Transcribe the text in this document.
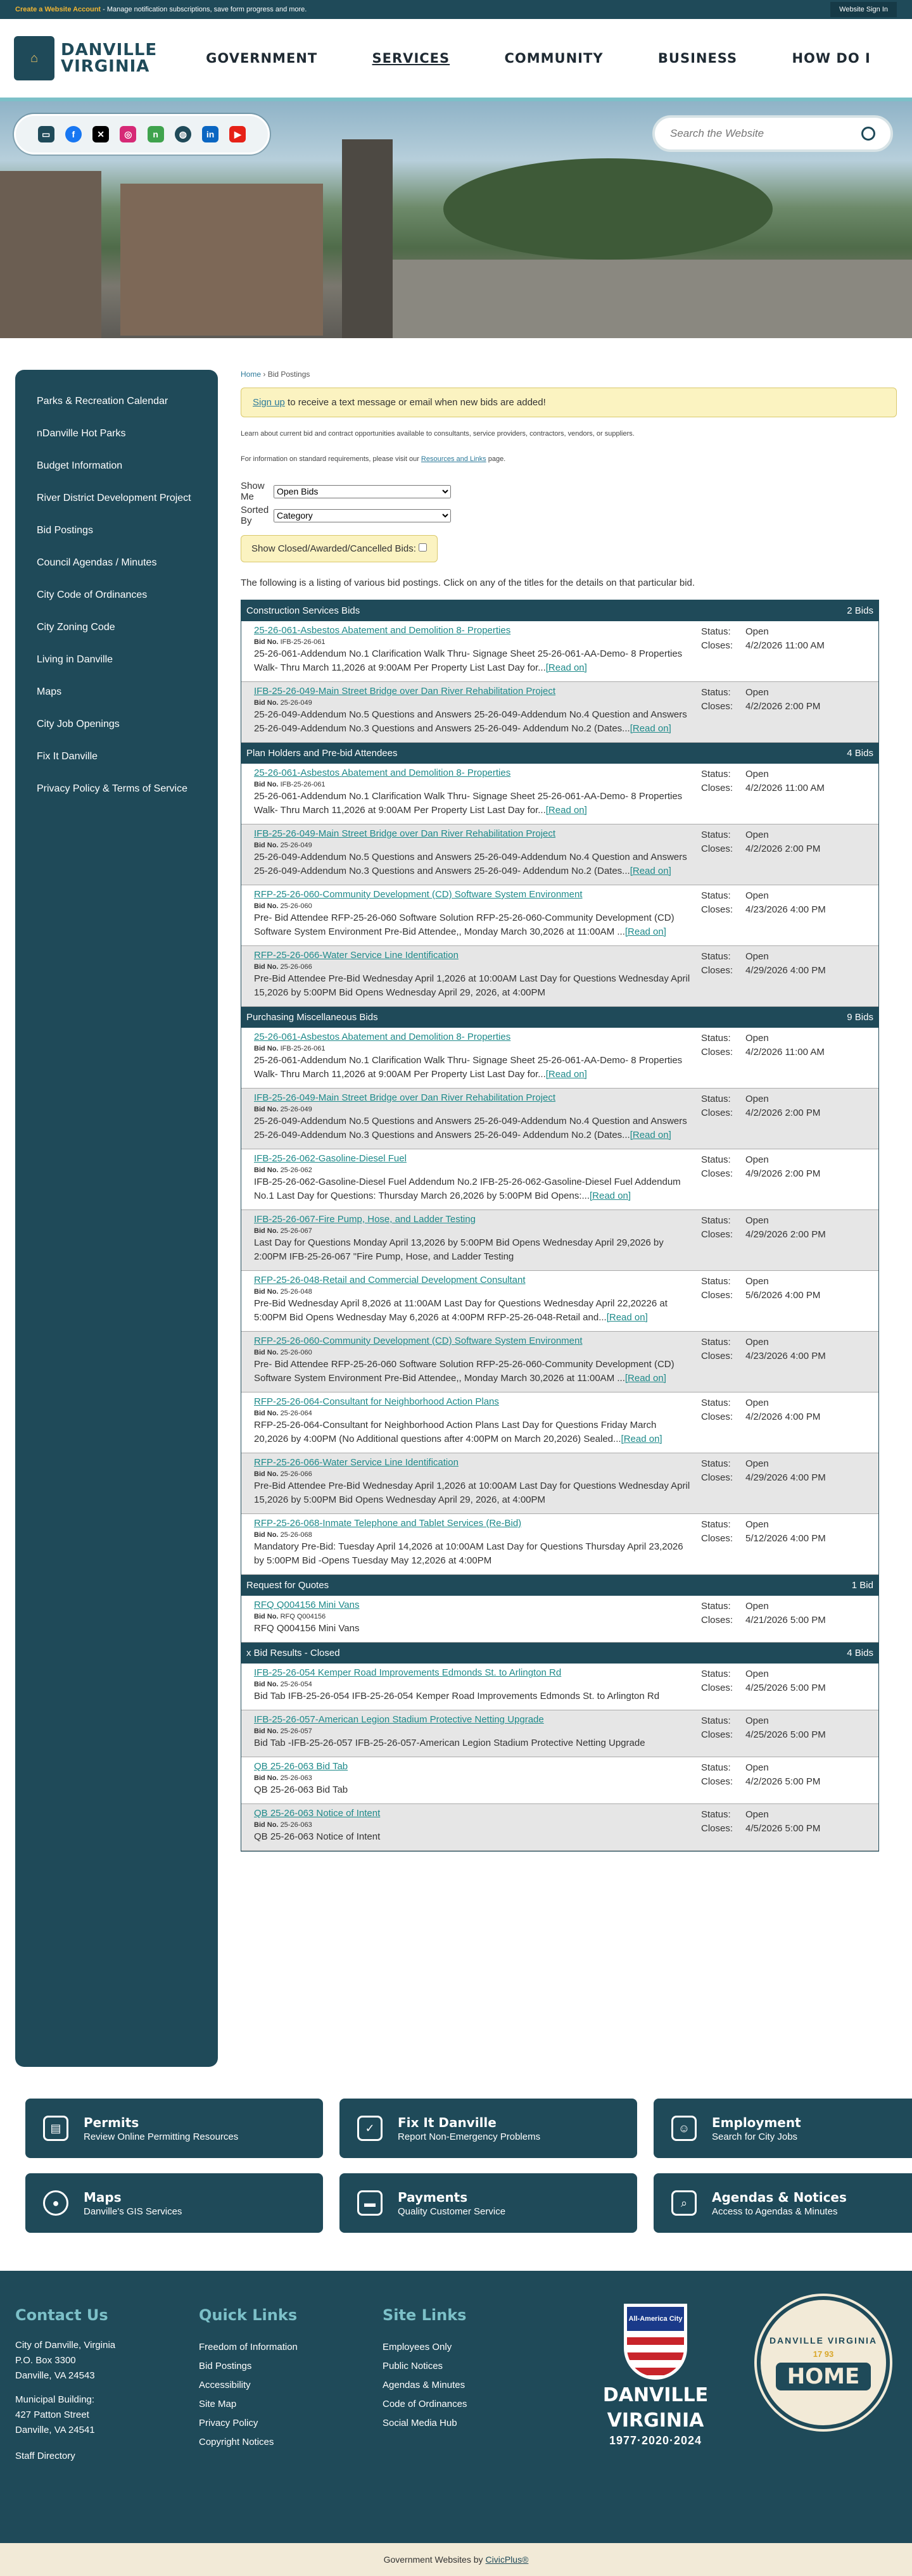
Create a Website Account - Manage notification subscriptions, save form progress and more.	Website Sign In
⌂	DANVILLE
VIRGINIA	GOVERNMENT	SERVICES	COMMUNITY	BUSINESS	HOW DO I
▭	f	✕	◎	n	◍	in	▶
Search the Website
Parks & Recreation Calendar
nDanville Hot Parks
Budget Information
River District Development Project
Bid Postings
Council Agendas / Minutes
City Code of Ordinances
City Zoning Code
Living in Danville
Maps
City Job Openings
Fix It Danville
Privacy Policy & Terms of Service
Home › Bid Postings
Sign up to receive a text message or email when new bids are added!

Learn about current bid and contract opportunities available to consultants, service providers, contractors, vendors, or suppliers.

For information on standard requirements, please visit our Resources and Links page.

Show Me
Open Bids
Sorted By
Category
Show Closed/Awarded/Cancelled Bids:

The following is a listing of various bid postings. Click on any of the titles for the details on that particular bid.

Construction Services Bids	2 Bids
25-26-061-Asbestos Abatement and Demolition 8- Properties
Bid No. IFB-25-26-061
25-26-061-Addendum No.1 Clarification Walk Thru- Signage Sheet 25-26-061-AA-Demo- 8 Properties Walk- Thru March 11,2026 at 9:00AM Per Property List Last Day for...[Read on]
Status:	Open
Closes:	4/2/2026 11:00 AM
IFB-25-26-049-Main Street Bridge over Dan River Rehabilitation Project
Bid No. 25-26-049
25-26-049-Addendum No.5 Questions and Answers 25-26-049-Addendum No.4 Question and Answers 25-26-049-Addendum No.3 Questions and Answers 25-26-049- Addendum No.2 (Dates...[Read on]
Status:	Open
Closes:	4/2/2026 2:00 PM
Plan Holders and Pre-bid Attendees	4 Bids
25-26-061-Asbestos Abatement and Demolition 8- Properties
Bid No. IFB-25-26-061
25-26-061-Addendum No.1 Clarification Walk Thru- Signage Sheet 25-26-061-AA-Demo- 8 Properties Walk- Thru March 11,2026 at 9:00AM Per Property List Last Day for...[Read on]
Status:	Open
Closes:	4/2/2026 11:00 AM
IFB-25-26-049-Main Street Bridge over Dan River Rehabilitation Project
Bid No. 25-26-049
25-26-049-Addendum No.5 Questions and Answers 25-26-049-Addendum No.4 Question and Answers 25-26-049-Addendum No.3 Questions and Answers 25-26-049- Addendum No.2 (Dates...[Read on]
Status:	Open
Closes:	4/2/2026 2:00 PM
RFP-25-26-060-Community Development (CD) Software System Environment
Bid No. 25-26-060
Pre- Bid Attendee RFP-25-26-060 Software Solution RFP-25-26-060-Community Development (CD) Software System Environment Pre-Bid Attendee,, Monday March 30,2026 at 11:00AM ...[Read on]
Status:	Open
Closes:	4/23/2026 4:00 PM
RFP-25-26-066-Water Service Line Identification
Bid No. 25-26-066
Pre-Bid Attendee Pre-Bid Wednesday April 1,2026 at 10:00AM Last Day for Questions Wednesday April 15,2026 by 5:00PM Bid Opens Wednesday April 29, 2026, at 4:00PM
Status:	Open
Closes:	4/29/2026 4:00 PM
Purchasing Miscellaneous Bids	9 Bids
25-26-061-Asbestos Abatement and Demolition 8- Properties
Bid No. IFB-25-26-061
25-26-061-Addendum No.1 Clarification Walk Thru- Signage Sheet 25-26-061-AA-Demo- 8 Properties Walk- Thru March 11,2026 at 9:00AM Per Property List Last Day for...[Read on]
Status:	Open
Closes:	4/2/2026 11:00 AM
IFB-25-26-049-Main Street Bridge over Dan River Rehabilitation Project
Bid No. 25-26-049
25-26-049-Addendum No.5 Questions and Answers 25-26-049-Addendum No.4 Question and Answers 25-26-049-Addendum No.3 Questions and Answers 25-26-049- Addendum No.2 (Dates...[Read on]
Status:	Open
Closes:	4/2/2026 2:00 PM
IFB-25-26-062-Gasoline-Diesel Fuel
Bid No. 25-26-062
IFB-25-26-062-Gasoline-Diesel Fuel Addendum No.2 IFB-25-26-062-Gasoline-Diesel Fuel Addendum No.1 Last Day for Questions: Thursday March 26,2026 by 5:00PM Bid Opens:...[Read on]
Status:	Open
Closes:	4/9/2026 2:00 PM
IFB-25-26-067-Fire Pump, Hose, and Ladder Testing
Bid No. 25-26-067
Last Day for Questions Monday April 13,2026 by 5:00PM Bid Opens Wednesday April 29,2026 by 2:00PM IFB-25-26-067 "Fire Pump, Hose, and Ladder Testing
Status:	Open
Closes:	4/29/2026 2:00 PM
RFP-25-26-048-Retail and Commercial Development Consultant
Bid No. 25-26-048
Pre-Bid Wednesday April 8,2026 at 11:00AM Last Day for Questions Wednesday April 22,20226 at 5:00PM Bid Opens Wednesday May 6,2026 at 4:00PM RFP-25-26-048-Retail and...[Read on]
Status:	Open
Closes:	5/6/2026 4:00 PM
RFP-25-26-060-Community Development (CD) Software System Environment
Bid No. 25-26-060
Pre- Bid Attendee RFP-25-26-060 Software Solution RFP-25-26-060-Community Development (CD) Software System Environment Pre-Bid Attendee,, Monday March 30,2026 at 11:00AM ...[Read on]
Status:	Open
Closes:	4/23/2026 4:00 PM
RFP-25-26-064-Consultant for Neighborhood Action Plans
Bid No. 25-26-064
RFP-25-26-064-Consultant for Neighborhood Action Plans Last Day for Questions Friday March 20,2026 by 4:00PM (No Additional questions after 4:00PM on March 20,2026) Sealed...[Read on]
Status:	Open
Closes:	4/2/2026 4:00 PM
RFP-25-26-066-Water Service Line Identification
Bid No. 25-26-066
Pre-Bid Attendee Pre-Bid Wednesday April 1,2026 at 10:00AM Last Day for Questions Wednesday April 15,2026 by 5:00PM Bid Opens Wednesday April 29, 2026, at 4:00PM
Status:	Open
Closes:	4/29/2026 4:00 PM
RFP-25-26-068-Inmate Telephone and Tablet Services (Re-Bid)
Bid No. 25-26-068
Mandatory Pre-Bid: Tuesday April 14,2026 at 10:00AM Last Day for Questions Thursday April 23,2026 by 5:00PM Bid -Opens Tuesday May 12,2026 at 4:00PM
Status:	Open
Closes:	5/12/2026 4:00 PM
Request for Quotes	1 Bid
RFQ Q004156 Mini Vans
Bid No. RFQ Q004156
RFQ Q004156 Mini Vans
Status:	Open
Closes:	4/21/2026 5:00 PM
x Bid Results - Closed	4 Bids
IFB-25-26-054 Kemper Road Improvements Edmonds St. to Arlington Rd
Bid No. 25-26-054
Bid Tab IFB-25-26-054 IFB-25-26-054 Kemper Road Improvements Edmonds St. to Arlington Rd
Status:	Open
Closes:	4/25/2026 5:00 PM
IFB-25-26-057-American Legion Stadium Protective Netting Upgrade
Bid No. 25-26-057
Bid Tab -IFB-25-26-057 IFB-25-26-057-American Legion Stadium Protective Netting Upgrade
Status:	Open
Closes:	4/25/2026 5:00 PM
QB 25-26-063 Bid Tab
Bid No. 25-26-063
QB 25-26-063 Bid Tab
Status:	Open
Closes:	4/2/2026 5:00 PM
QB 25-26-063 Notice of Intent
Bid No. 25-26-063
QB 25-26-063 Notice of Intent
Status:	Open
Closes:	4/5/2026 5:00 PM
▤	Permits
Review Online Permitting Resources
✓	Fix It Danville
Report Non-Emergency Problems
☺	Employment
Search for City Jobs
●	Maps
Danville's GIS Services
▬	Payments
Quality Customer Service
⌕	Agendas & Notices
Access to Agendas & Minutes
Contact Us

City of Danville, Virginia

P.O. Box 3300

Danville, VA 24543

Municipal Building:

427 Patton Street

Danville, VA 24541

Staff Directory
Quick Links
Freedom of Information
Bid Postings
Accessibility
Site Map
Privacy Policy
Copyright Notices
Site Links
Employees Only
Public Notices
Agendas & Minutes
Code of Ordinances
Social Media Hub
All-America City
DANVILLE
VIRGINIA
1977·2020·2024
DANVILLE VIRGINIA
17 93
HOME
Government Websites by CivicPlus®
